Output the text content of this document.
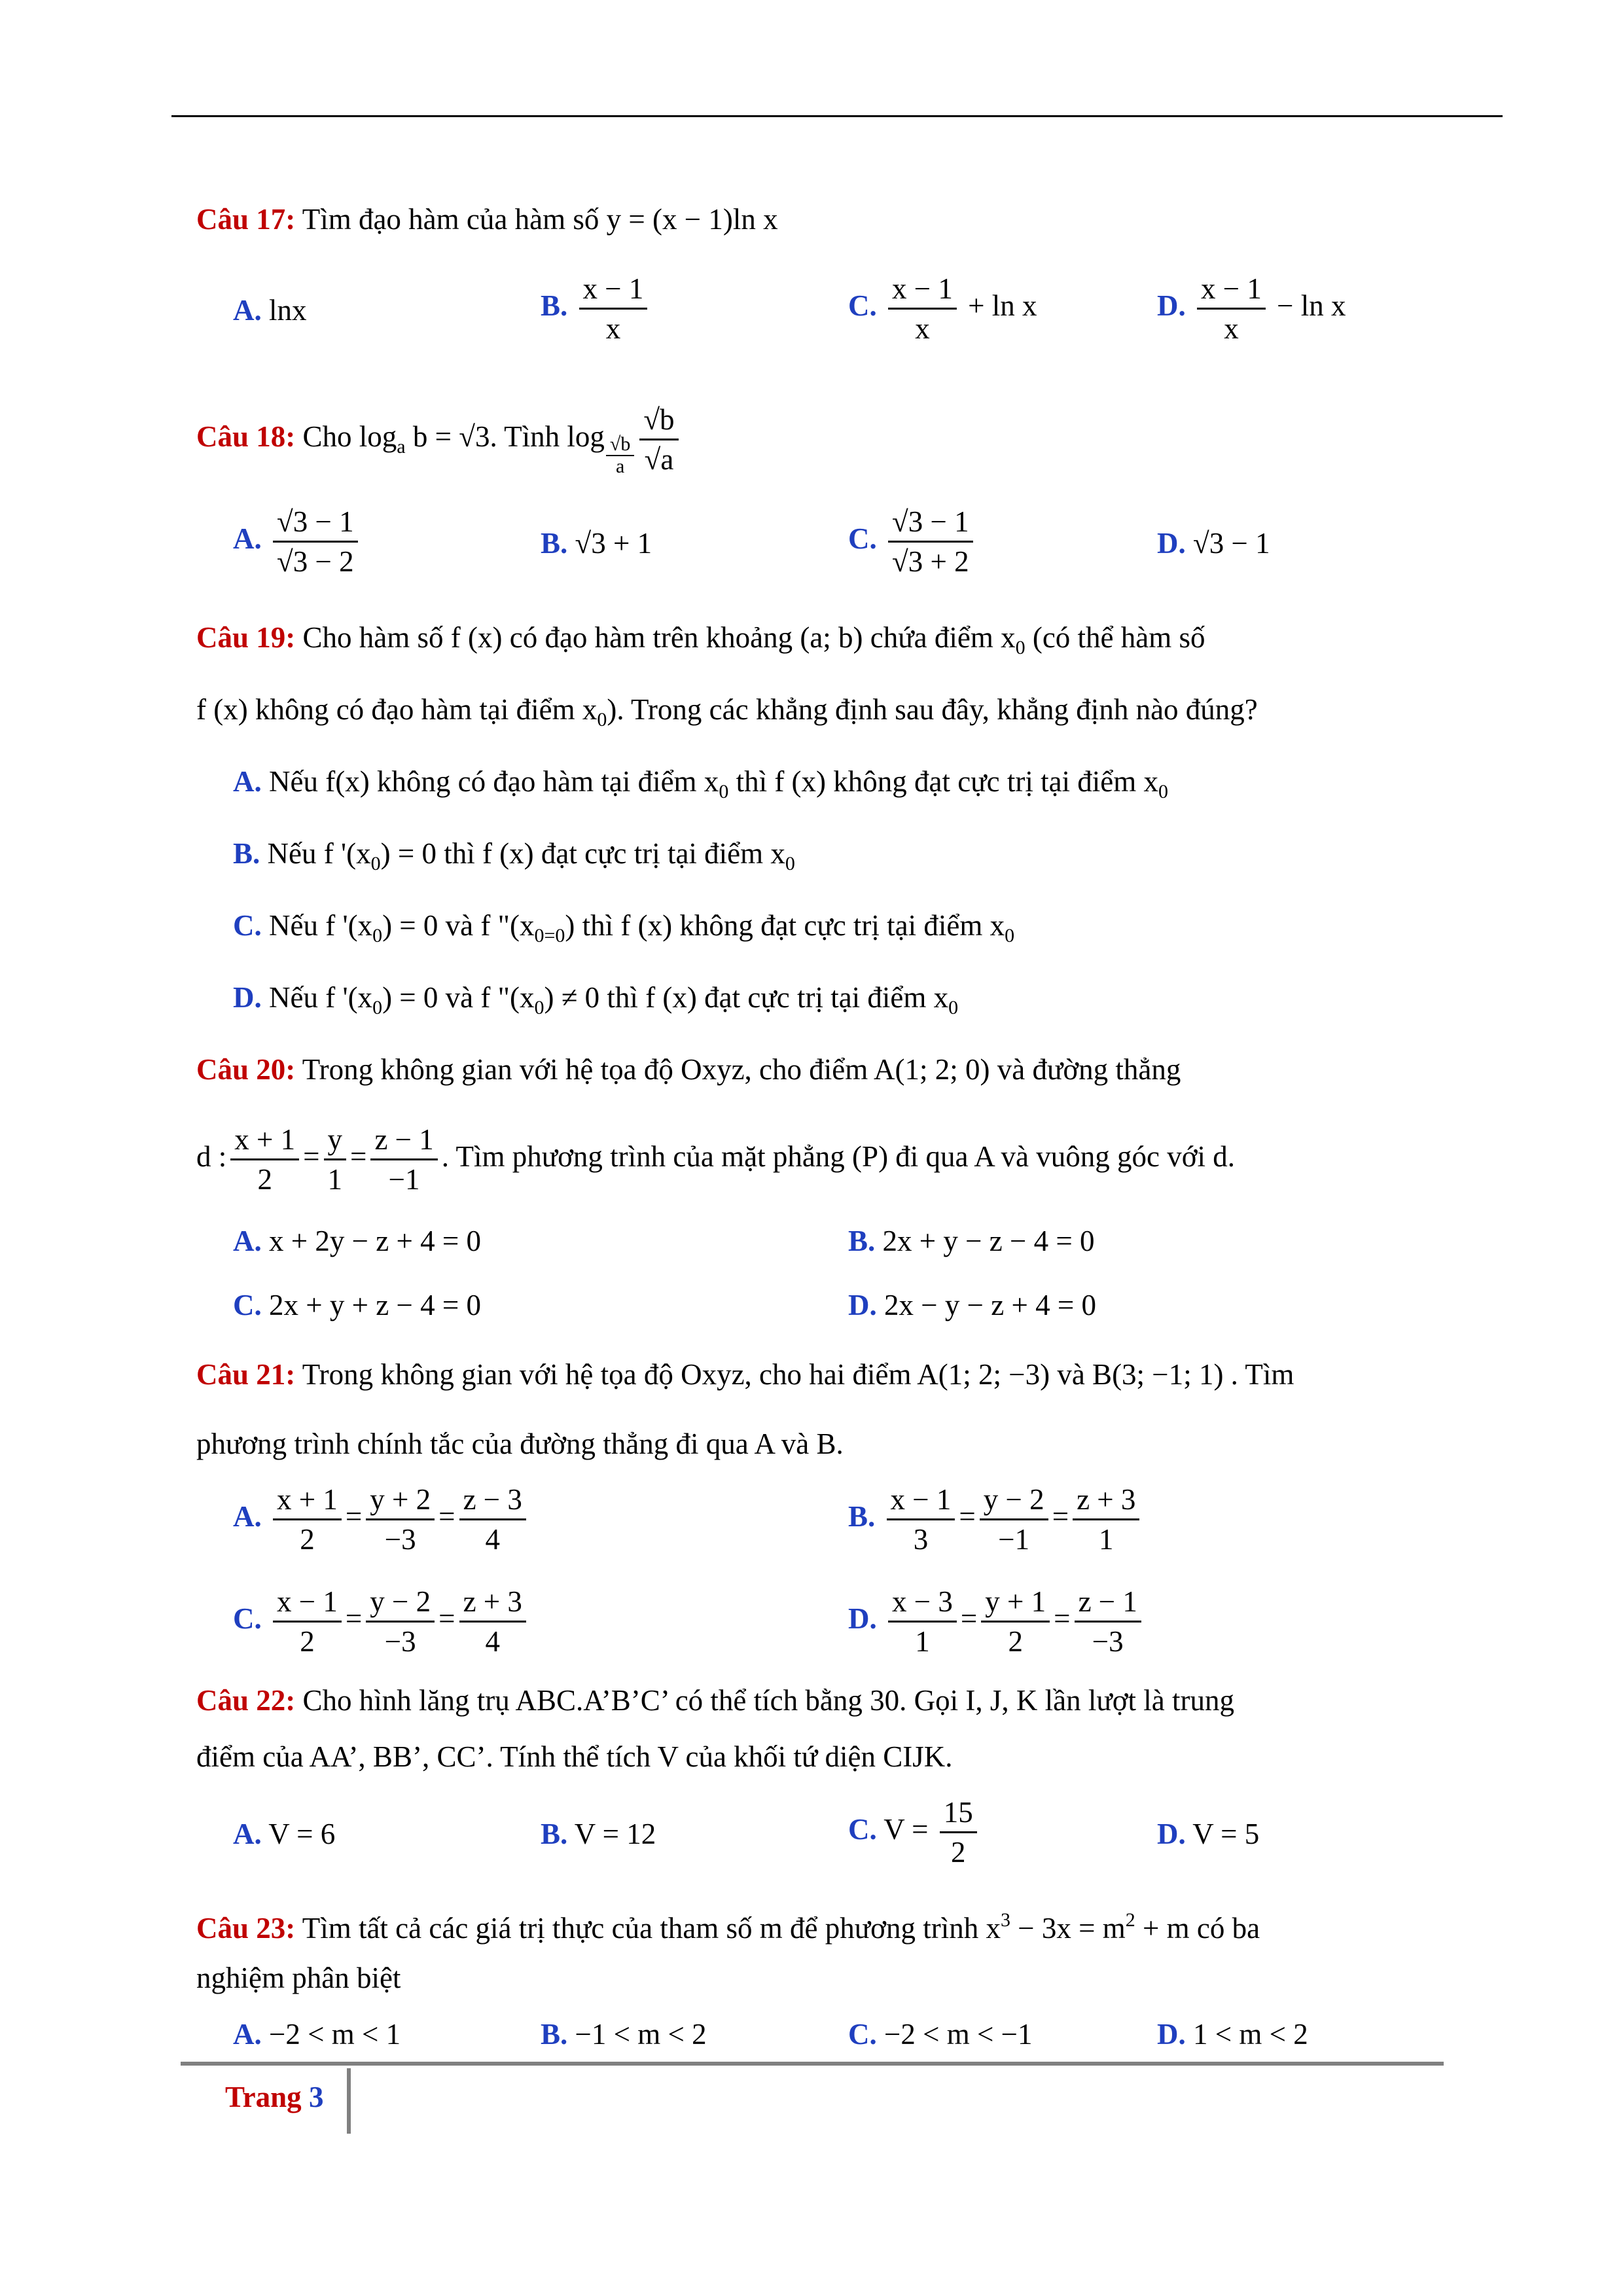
Câu 17: Tìm đạo hàm của hàm số y = (x − 1)ln x
A. lnx	B. $\frac{x - 1}{x}$	C. $\frac{x - 1}{x} + \ln x$	D. $\frac{x - 1}{x} - \ln x$
Câu 18: Cho $\log_a b = √3$. Tình $\log \frac{√b}{a} \frac{√b}{√a}$
A. $\frac{√3 - 1}{√3 - 2}$	B. √3 + 1	C. $\frac{√3 - 1}{√3 + 2}$	D. √3 − 1
Câu 19: Cho hàm số f (x) có đạo hàm trên khoảng (a; b) chứa điểm $x_0$ (có thể hàm số
f (x) không có đạo hàm tại điểm $x_0$). Trong các khẳng định sau đây, khẳng định nào đúng?
A. Nếu f(x) không có đạo hàm tại điểm $x_0$ thì f (x) không đạt cực trị tại điểm $x_0$
B. Nếu f '$(x_0) = 0$ thì f (x) đạt cực trị tại điểm $x_0$
C. Nếu f '$(x_0) = 0$ và f "$(x_{0=0})$ thì f (x) không đạt cực trị tại điểm $x_0$
D. Nếu f '$(x_0) = 0$ và f "$(x_0) \ne 0$ thì f (x) đạt cực trị tại điểm $x_0$
Câu 20: Trong không gian với hệ tọa độ Oxyz, cho điểm A(1; 2; 0) và đường thẳng
d : $\frac{x + 1}{2} = \frac{y}{1} = \frac{z - 1}{-1}$ . Tìm phương trình của mặt phẳng (P) đi qua A và vuông góc với d.
A. x + 2y − z + 4 = 0	B. 2x + y − z − 4 = 0
C. 2x + y + z − 4 = 0	D. 2x − y − z + 4 = 0
Câu 21: Trong không gian với hệ tọa độ Oxyz, cho hai điểm A(1; 2; −3) và B(3; −1; 1) . Tìm
phương trình chính tắc của đường thẳng đi qua A và B.
A. $\frac{x + 1}{2} = \frac{y + 2}{-3} = \frac{z - 3}{4}$	B. $\frac{x - 1}{3} = \frac{y - 2}{-1} = \frac{z + 3}{1}$
C. $\frac{x - 1}{2} = \frac{y - 2}{-3} = \frac{z + 3}{4}$	D. $\frac{x - 3}{1} = \frac{y + 1}{2} = \frac{z - 1}{-3}$
Câu 22: Cho hình lăng trụ ABC.A’B’C’ có thể tích bằng 30. Gọi I, J, K lần lượt là trung
điểm của AA’, BB’, CC’. Tính thể tích V của khối tứ diện CIJK.
A. V = 6	B. V = 12	C. $V = \frac{15}{2}$	D. V = 5
Câu 23: Tìm tất cả các giá trị thực của tham số m để phương trình $x^3 - 3x = m^2 + m$ có ba
nghiệm phân biệt
A. −2 < m < 1	B. −1 < m < 2	C. −2 < m < −1	D. 1 < m < 2
Trang 3
